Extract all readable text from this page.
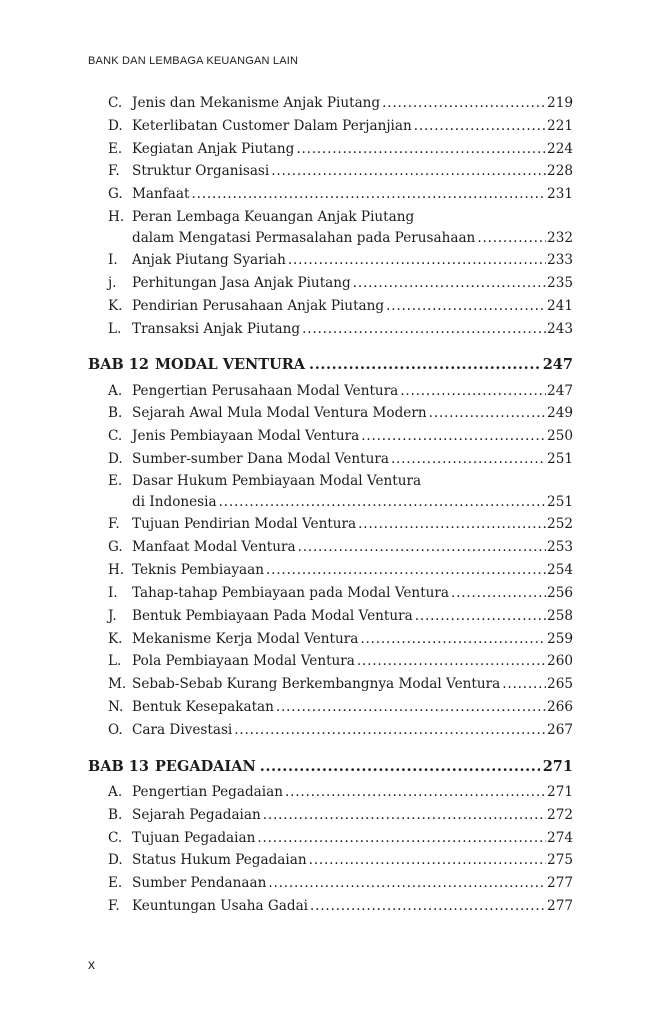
BANK DAN LEMBAGA KEUANGAN LAIN
C. Jenis dan Mekanisme Anjak Piutang .....	219
D. Keterlibatan Customer Dalam Perjanjian .....	221
E. Kegiatan Anjak Piutang .....	224
F. Struktur Organisasi .....	228
G. Manfaat .....	231
H. Peran Lembaga Keuangan Anjak Piutang
dalam Mengatasi Permasalahan pada Perusahaan .....	232
I.	Anjak Piutang Syariah .....	233
j.	Perhitungan Jasa Anjak Piutang .....	235
K. Pendirian Perusahaan Anjak Piutang .....	241
L. Transaksi Anjak Piutang .....	243
BAB 12 MODAL VENTURA .....	247
A. Pengertian Perusahaan Modal Ventura .....	247
B. Sejarah Awal Mula Modal Ventura Modern .....	249
C. Jenis Pembiayaan Modal Ventura .....	250
D. Sumber-sumber Dana Modal Ventura .....	251
E. Dasar Hukum Pembiayaan Modal Ventura
di Indonesia .....	251
F. Tujuan Pendirian Modal Ventura .....	252
G. Manfaat Modal Ventura .....	253
H. Teknis Pembiayaan .....	254
I.	Tahap-tahap Pembiayaan pada Modal Ventura .....	256
J.	Bentuk Pembiayaan Pada Modal Ventura .....	258
K. Mekanisme Kerja Modal Ventura .....	259
L. Pola Pembiayaan Modal Ventura .....	260
M. Sebab-Sebab Kurang Berkembangnya Modal Ventura .....	265
N. Bentuk Kesepakatan .....	266
O. Cara Divestasi .....	267
BAB 13 PEGADAIAN .....	271
A. Pengertian Pegadaian .....	271
B. Sejarah Pegadaian .....	272
C. Tujuan Pegadaian .....	274
D. Status Hukum Pegadaian .....	275
E. Sumber Pendanaan .....	277
F. Keuntungan Usaha Gadai .....	277
x
